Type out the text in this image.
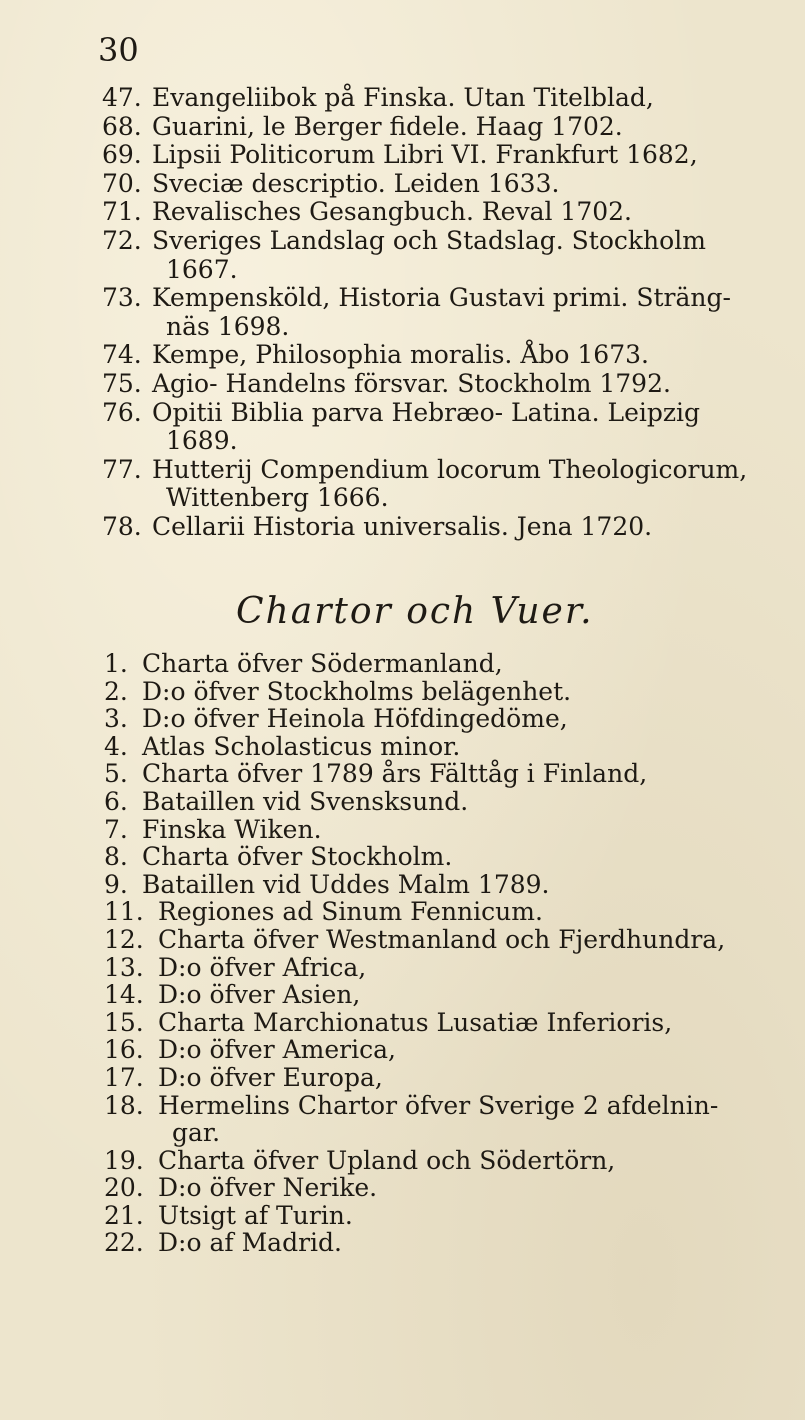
30
47. Evangeliibok på Finska. Utan Titelblad,
68. Guarini, le Berger fidele. Haag 1702.
69. Lipsii Politicorum Libri VI. Frankfurt 1682,
70. Sveciæ descriptio. Leiden 1633.
71. Revalisches Gesangbuch. Reval 1702.
72. Sveriges Landslag och Stadslag. Stockholm
1667.
73. Kempensköld, Historia Gustavi primi. Sträng-
näs 1698.
74. Kempe, Philosophia moralis. Åbo 1673.
75. Agio- Handelns försvar. Stockholm 1792.
76. Opitii Biblia parva Hebræo- Latina. Leipzig
1689.
77. Hutterij Compendium locorum Theologicorum,
Wittenberg 1666.
78. Cellarii Historia universalis. Jena 1720.
Chartor och Vuer.
1. Charta öfver Södermanland,
2. D:o öfver Stockholms belägenhet.
3. D:o öfver Heinola Höfdingedöme,
4. Atlas Scholasticus minor.
5. Charta öfver 1789 års Fälttåg i Finland,
6. Bataillen vid Svensksund.
7. Finska Wiken.
8. Charta öfver Stockholm.
9. Bataillen vid Uddes Malm 1789.
11. Regiones ad Sinum Fennicum.
12. Charta öfver Westmanland och Fjerdhundra,
13. D:o öfver Africa,
14. D:o öfver Asien,
15. Charta Marchionatus Lusatiæ Inferioris,
16. D:o öfver America,
17. D:o öfver Europa,
18. Hermelins Chartor öfver Sverige 2 afdelnin-
gar.
19. Charta öfver Upland och Södertörn,
20. D:o öfver Nerike.
21. Utsigt af Turin.
22. D:o af Madrid.
